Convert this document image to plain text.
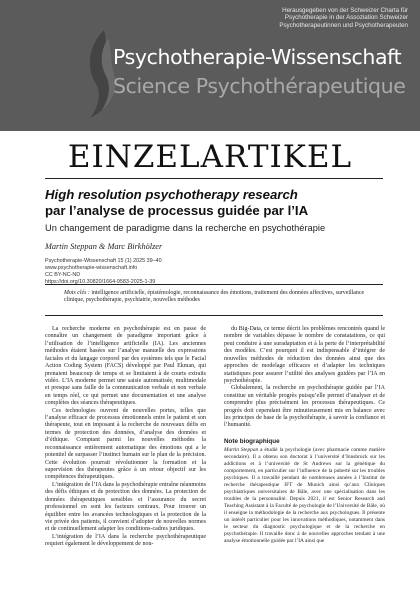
Herausgegeben von der Schweizer Charta für
Psychotherapie in der Assoziation Schweizer
Psychotherapeutinnen und Psychotherapeuten
Psychotherapie-Wissenschaft
Science Psychothérapeutique
EINZELARTIKEL
High resolution psychotherapy research
par l’analyse de processus guidée par l’IA
Un changement de paradigme dans la recherche en psychothérapie
Martin Steppan & Marc Birkhölzer
Psychotherapie-Wissenschaft 15 (1) 2025 39–40
www.psychotherapie-wissenschaft.info
CC BY-NC-ND
https://doi.org/10.30820/1664-9583-2025-1-39
Mots clés : intelligence artificielle, épistémologie, reconnaissance des émotions, traitement des données affectives, surveillance clinique, psychothérapie, psychiatrie, nouvelles méthodes

La recherche moderne en psychothérapie est en passe de connaître un changement de paradigme important grâce à l’utilisation de l’intelligence artificielle (IA). Les anciennes méthodes étaient basées sur l’analyse manuelle des expressions faciales et du langage corporel par des systèmes tels que le Facial Action Coding System (FACS) développé par Paul Ekman, qui prenaient beaucoup de temps et se limitaient à de courts extraits vidéo. L’IA moderne permet une saisie automatisée, multimodale et presque sans faille de la communication verbale et non verbale en temps réel, ce qui permet une documentation et une analyse complètes des séances thérapeutiques.

Ces technologies ouvrent de nouvelles portes, telles que l’analyse efficace de processus émotionnels entre le patient et son thérapeute, tout en imposant à la recherche de nouveaux défis en termes de protection des données, d’analyse des données et d’éthique. Comptant parmi les nouvelles méthodes la reconnaissance entièrement automatique des émotions qui a le potentiel de surpasser l’instinct humain sur le plan de la précision. Cette évolution pourrait révolutionner la formation et la supervision des thérapeutes grâce à un retour objectif sur les compétences thérapeutiques.

L’intégration de l’IA dans la psychothérapie entraîne néanmoins des défis éthiques et de protection des données. La protection de données thérapeutiques sensibles et l’assurance du secret professionnel en sont les facteurs centraux. Pour trouver un équilibre entre les avancées technologiques et la protection de la vie privée des patients, il convient d’adopter de nouvelles normes et de continuellement adapter les conditions-cadres juridiques.

L’intégration de l’IA dans la recherche psychothérapeutique requiert également le développement de nou-

du Big-Data, ce terme décrit les problèmes rencontrés quand le nombre de variables dépasse le nombre de constatations, ce qui peut conduire à une suradaptation et à la perte de l’interprétabilité des modèles. C’est pourquoi il est indispensable d’intégrer de nouvelles méthodes de réduction des données ainsi que des approches de modelage efficaces et d’adapter les techniques statistiques pour assurer l’utilité des analyses guidées par l’IA en psychothérapie.

Globalement, la recherche en psychothérapie guidée par l’IA constitue un véritable progrès puisqu’elle permet d’analyser et de comprendre plus précisément les processus thérapeutiques. Ce progrès doit cependant être minutieusement mis en balance avec les principes de base de la psychothérapie, à savoir la confiance et l’humanité.

Note biographique

Martin Steppan a étudié la psychologie (avec pharmacie comme matière secondaire). Il a obtenu son doctorat à l’université d’Innsbruck sur les addictions et à l’université de St Andrews sur la génétique du comportement, en particulier sur l’influence de la puberté sur les troubles psychiques. Il a travaillé pendant de nombreuses années à l’Institut de recherche thérapeutique IFT de Munich ainsi qu’aux Cliniques psychiatriques universitaires de Bâle, avec une spécialisation dans les troubles de la personnalité. Depuis 2021, il est Senior Research and Teaching Assistant à la Faculté de psychologie de l’Université de Bâle, où il enseigne la méthodologie de la recherche aux psychologues. Il présente un intérêt particulier pour les innovations méthodiques, notamment dans le secteur du diagnostic psychologique et de la recherche en psychothérapie. Il travaille donc à de nouvelles approches tendant à une analyse émotionnelle guidée par l’IA ainsi que
